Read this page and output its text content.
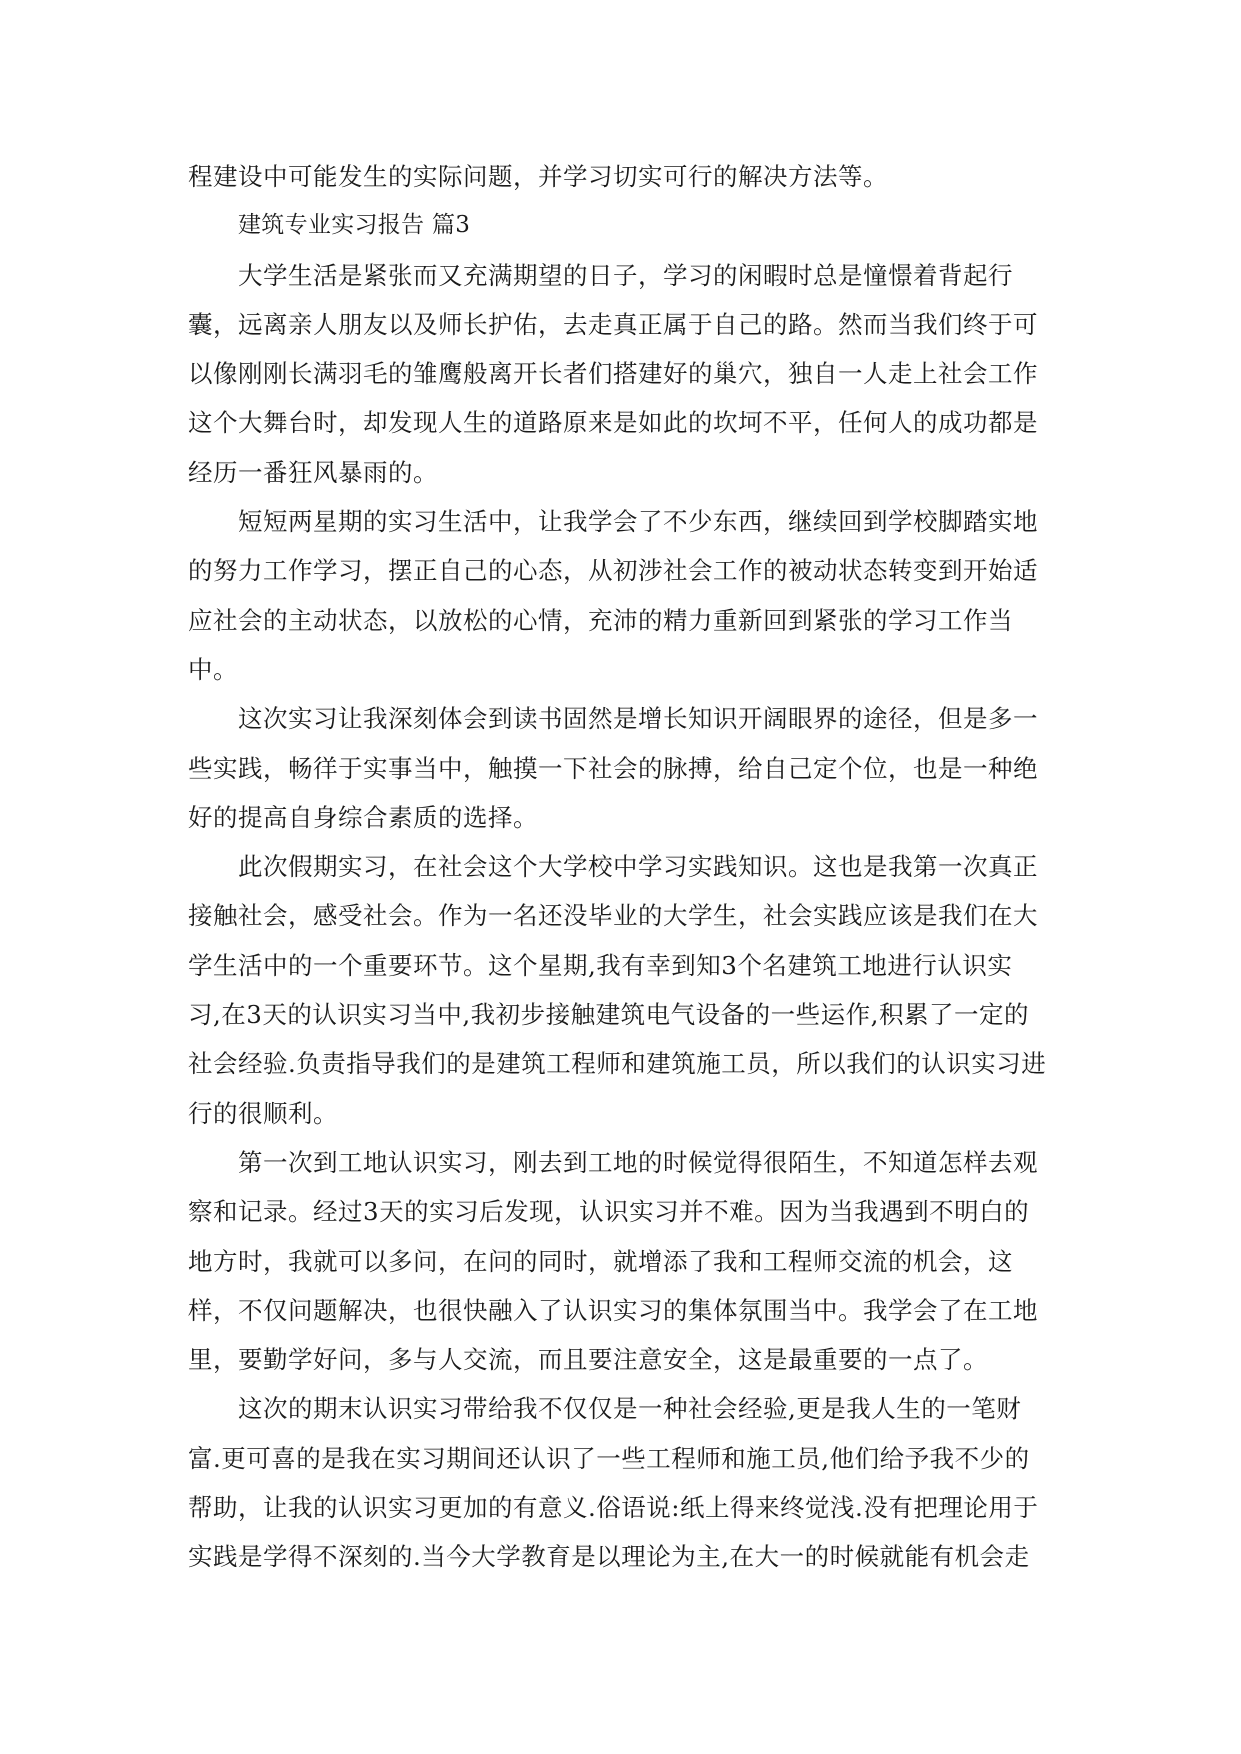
程建设中可能发生的实际问题，并学习切实可行的解决方法等。
建筑专业实习报告 篇3
大学生活是紧张而又充满期望的日子，学习的闲暇时总是憧憬着背起行
囊，远离亲人朋友以及师长护佑，去走真正属于自己的路。然而当我们终于可
以像刚刚长满羽毛的雏鹰般离开长者们搭建好的巢穴，独自一人走上社会工作
这个大舞台时，却发现人生的道路原来是如此的坎坷不平，任何人的成功都是
经历一番狂风暴雨的。
短短两星期的实习生活中，让我学会了不少东西，继续回到学校脚踏实地
的努力工作学习，摆正自己的心态，从初涉社会工作的被动状态转变到开始适
应社会的主动状态，以放松的心情，充沛的精力重新回到紧张的学习工作当
中。
这次实习让我深刻体会到读书固然是增长知识开阔眼界的途径，但是多一
些实践，畅徉于实事当中，触摸一下社会的脉搏，给自己定个位，也是一种绝
好的提高自身综合素质的选择。
此次假期实习，在社会这个大学校中学习实践知识。这也是我第一次真正
接触社会，感受社会。作为一名还没毕业的大学生，社会实践应该是我们在大
学生活中的一个重要环节。这个星期,我有幸到知3个名建筑工地进行认识实
习,在3天的认识实习当中,我初步接触建筑电气设备的一些运作,积累了一定的
社会经验.负责指导我们的是建筑工程师和建筑施工员，所以我们的认识实习进
行的很顺利。
第一次到工地认识实习，刚去到工地的时候觉得很陌生，不知道怎样去观
察和记录。经过3天的实习后发现，认识实习并不难。因为当我遇到不明白的
地方时，我就可以多问，在问的同时，就增添了我和工程师交流的机会，这
样，不仅问题解决，也很快融入了认识实习的集体氛围当中。我学会了在工地
里，要勤学好问，多与人交流，而且要注意安全，这是最重要的一点了。
这次的期末认识实习带给我不仅仅是一种社会经验,更是我人生的一笔财
富.更可喜的是我在实习期间还认识了一些工程师和施工员,他们给予我不少的
帮助，让我的认识实习更加的有意义.俗语说:纸上得来终觉浅.没有把理论用于
实践是学得不深刻的.当今大学教育是以理论为主,在大一的时候就能有机会走
